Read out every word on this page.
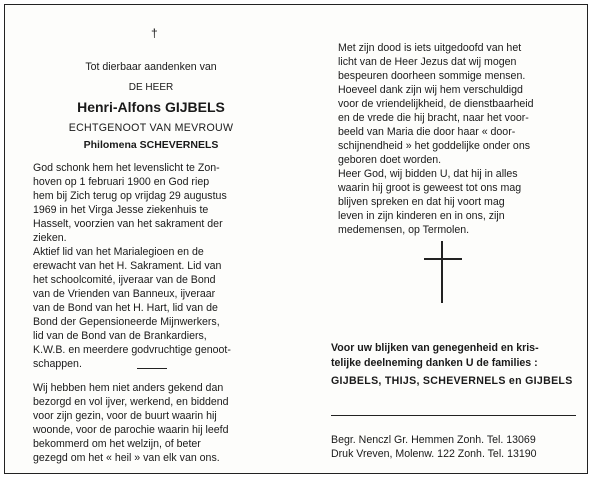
†
Tot dierbaar aandenken van
DE HEER
Henri-Alfons GIJBELS
ECHTGENOOT VAN MEVROUW
Philomena SCHEVERNELS
God schonk hem het levenslicht te Zon-
hoven op 1 februari 1900 en God riep
hem bij Zich terug op vrijdag 29 augustus
1969 in het Virga Jesse ziekenhuis te
Hasselt, voorzien van het sakrament der
zieken.
Aktief lid van het Marialegioen en de
erewacht van het H. Sakrament. Lid van
het schoolcomité, ijveraar van de Bond
van de Vrienden van Banneux, ijveraar
van de Bond van het H. Hart, lid van de
Bond der Gepensioneerde Mijnwerkers,
lid van de Bond van de Brankardiers,
K.W.B. en meerdere godvruchtige genoot-
schappen.
Wij hebben hem niet anders gekend dan
bezorgd en vol ijver, werkend, en biddend
voor zijn gezin, voor de buurt waarin hij
woonde, voor de parochie waarin hij leefd
bekommerd om het welzijn, of beter
gezegd om het « heil » van elk van ons.
Met zijn dood is iets uitgedoofd van het
licht van de Heer Jezus dat wij mogen
bespeuren doorheen sommige mensen.
Hoeveel dank zijn wij hem verschuldigd
voor de vriendelijkheid, de dienstbaarheid
en de vrede die hij bracht, naar het voor-
beeld van Maria die door haar « door-
schijnendheid » het goddelijke onder ons
geboren doet worden.
Heer God, wij bidden U, dat hij in alles
waarin hij groot is geweest tot ons mag
blijven spreken en dat hij voort mag
leven in zijn kinderen en in ons, zijn
medemensen, op Termolen.
Voor uw blijken van genegenheid en kris-
telijke deelneming danken U de families :
GIJBELS, THIJS, SCHEVERNELS en GIJBELS
Begr. Nenczl Gr. Hemmen Zonh. Tel. 13069
Druk Vreven, Molenw. 122 Zonh. Tel. 13190
